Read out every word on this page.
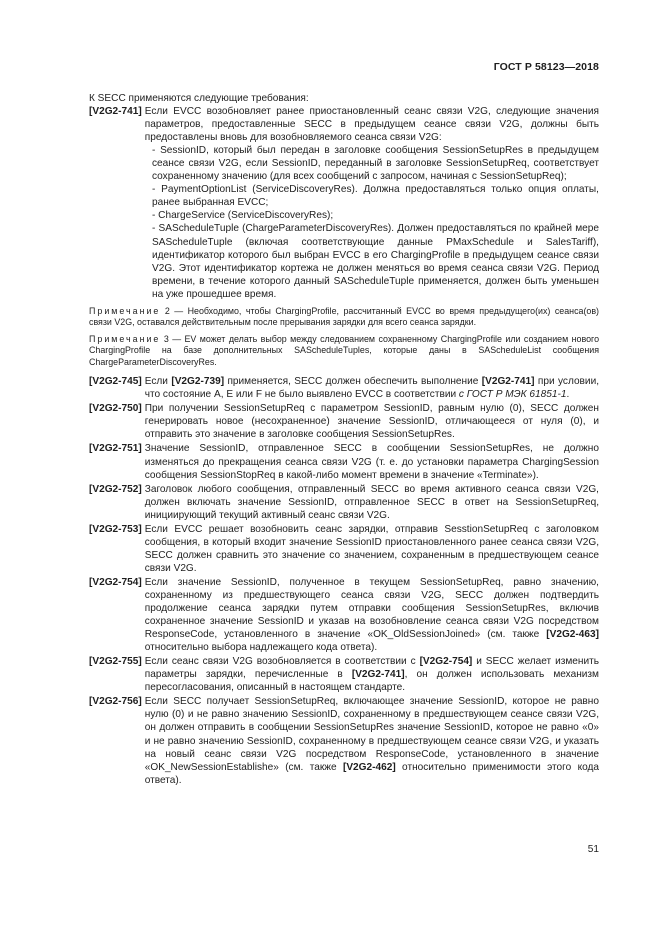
ГОСТ Р 58123—2018

К SECC применяются следующие требования:

[V2G2-741] Если EVCC возобновляет ранее приостановленный сеанс связи V2G, следующие значения параметров, предоставленные SECC в предыдущем сеансе связи V2G, должны быть предоставлены вновь для возобновляемого сеанса связи V2G:

- SessionID, который был передан в заголовке сообщения SessionSetupRes в предыдущем сеансе связи V2G, если SessionID, переданный в заголовке SessionSetupReq, соответствует сохраненному значению (для всех сообщений с запросом, начиная с SessionSetupReq);

- PaymentOptionList (ServiceDiscoveryRes). Должна предоставляться только опция оплаты, ранее выбранная EVCC;

- ChargeService (ServiceDiscoveryRes);

- SAScheduleTuple (ChargeParameterDiscoveryRes). Должен предоставляться по крайней мере SAScheduleTuple (включая соответствующие данные PMaxSchedule и SalesTariff), идентификатор которого был выбран EVCC в его ChargingProfile в предыдущем сеансе связи V2G. Этот идентификатор кортежа не должен меняться во время сеанса связи V2G. Период времени, в течение которого данный SAScheduleTuple применяется, должен быть уменьшен на уже прошедшее время.

Примечание 2 — Необходимо, чтобы ChargingProfile, рассчитанный EVCC во время предыдущего(их) сеанса(ов) связи V2G, оставался действительным после прерывания зарядки для всего сеанса зарядки.

Примечание 3 — EV может делать выбор между следованием сохраненному ChargingProfile или созданием нового ChargingProfile на базе дополнительных SAScheduleTuples, которые даны в SAScheduleList сообщения ChargeParameterDiscoveryRes.

[V2G2-745] Если [V2G2-739] применяется, SECC должен обеспечить выполнение [V2G2-741] при условии, что состояние A, E или F не было выявлено EVCC в соответствии с ГОСТ Р МЭК 61851-1.
[V2G2-750] При получении SessionSetupReq с параметром SessionID, равным нулю (0), SECC должен генерировать новое (несохраненное) значение SessionID, отличающееся от нуля (0), и отправить это значение в заголовке сообщения SessionSetupRes.
[V2G2-751] Значение SessionID, отправленное SECC в сообщении SessionSetupRes, не должно изменяться до прекращения сеанса связи V2G (т. е. до установки параметра ChargingSession сообщения SessionStopReq в какой-либо момент времени в значение «Terminate»).
[V2G2-752] Заголовок любого сообщения, отправленный SECC во время активного сеанса связи V2G, должен включать значение SessionID, отправленное SECC в ответ на SessionSetupReq, инициирующий текущий активный сеанс связи V2G.
[V2G2-753] Если EVCC решает возобновить сеанс зарядки, отправив SesstionSetupReq с заголовком сообщения, в который входит значение SessionID приостановленного ранее сеанса связи V2G, SECC должен сравнить это значение со значением, сохраненным в предшествующем сеансе связи V2G.
[V2G2-754] Если значение SessionID, полученное в текущем SessionSetupReq, равно значению, сохраненному из предшествующего сеанса связи V2G, SECC должен подтвердить продолжение сеанса зарядки путем отправки сообщения SessionSetupRes, включив сохраненное значение SessionID и указав на возобновление сеанса связи V2G посредством ResponseCode, установленного в значение «OK_OldSessionJoined» (см. также [V2G2-463] относительно выбора надлежащего кода ответа).
[V2G2-755] Если сеанс связи V2G возобновляется в соответствии с [V2G2-754] и SECC желает изменить параметры зарядки, перечисленные в [V2G2-741], он должен использовать механизм пересогласования, описанный в настоящем стандарте.
[V2G2-756] Если SECC получает SessionSetupReq, включающее значение SessionID, которое не равно нулю (0) и не равно значению SessionID, сохраненному в предшествующем сеансе связи V2G, он должен отправить в сообщении SessionSetupRes значение SessionID, которое не равно «0» и не равно значению SessionID, сохраненному в предшествующем сеансе связи V2G, и указать на новый сеанс связи V2G посредством ResponseCode, установленного в значение «OK_NewSessionEstablishe» (см. также [V2G2-462] относительно применимости этого кода ответа).
51
